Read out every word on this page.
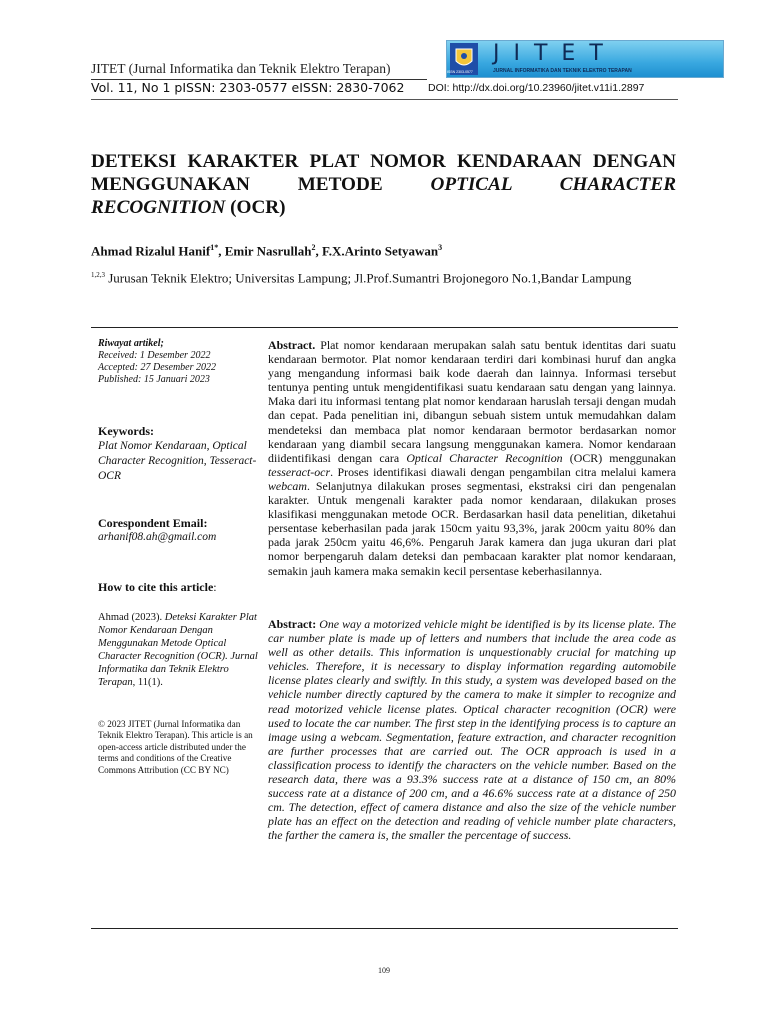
JITET (Jurnal Informatika dan Teknik Elektro Terapan)
Vol. 11, No 1 pISSN: 2303-0577 eISSN: 2830-7062 DOI: http://dx.doi.org/10.23960/jitet.v11i1.2897
ISSN 2303-0577
JITET
JURNAL INFORMATIKA DAN TEKNIK ELEKTRO TERAPAN
DETEKSI KARAKTER PLAT NOMOR KENDARAAN DENGAN MENGGUNAKAN METODE OPTICAL CHARACTER RECOGNITION (OCR)
Ahmad Rizalul Hanif$^{1*}$, Emir Nasrullah$^2$, F.X.Arinto Setyawan$^3$
$^{1,2,3}$ Jurusan Teknik Elektro; Universitas Lampung; Jl.Prof.Sumantri Brojonegoro No.1,Bandar Lampung
Riwayat artikel;
Received: 1 Desember 2022
Accepted: 27 Desember 2022
Published: 15 Januari 2023
Keywords:
Plat Nomor Kendaraan, Optical Character Recognition, Tesseract-OCR
Corespondent Email:
arhanif08.ah@gmail.com
How to cite this article:
Ahmad (2023). Deteksi Karakter Plat Nomor Kendaraan Dengan Menggunakan Metode Optical Character Recognition (OCR). Jurnal Informatika dan Teknik Elektro Terapan, 11(1).
© 2023 JITET (Jurnal Informatika dan Teknik Elektro Terapan). This article is an open-access article distributed under the terms and conditions of the Creative Commons Attribution (CC BY NC)
Abstract. Plat nomor kendaraan merupakan salah satu bentuk identitas dari suatu kendaraan bermotor. Plat nomor kendaraan terdiri dari kombinasi huruf dan angka yang mengandung informasi baik kode daerah dan lainnya. Informasi tersebut tentunya penting untuk mengidentifikasi suatu kendaraan satu dengan yang lainnya. Maka dari itu informasi tentang plat nomor kendaraan haruslah tersaji dengan mudah dan cepat. Pada penelitian ini, dibangun sebuah sistem untuk memudahkan dalam mendeteksi dan membaca plat nomor kendaraan bermotor berdasarkan nomor kendaraan yang diambil secara langsung menggunakan kamera. Nomor kendaraan diidentifikasi dengan cara Optical Character Recognition (OCR) menggunakan tesseract-ocr. Proses identifikasi diawali dengan pengambilan citra melalui kamera webcam. Selanjutnya dilakukan proses segmentasi, ekstraksi ciri dan pengenalan karakter. Untuk mengenali karakter pada nomor kendaraan, dilakukan proses klasifikasi menggunakan metode OCR. Berdasarkan hasil data penelitian, diketahui persentase keberhasilan pada jarak 150cm yaitu 93,3%, jarak 200cm yaitu 80% dan pada jarak 250cm yaitu 46,6%. Pengaruh Jarak kamera dan juga ukuran dari plat nomor berpengaruh dalam deteksi dan pembacaan karakter plat nomor kendaraan, semakin jauh kamera maka semakin kecil persentase keberhasilannya.
Abstract: One way a motorized vehicle might be identified is by its license plate. The car number plate is made up of letters and numbers that include the area code as well as other details. This information is unquestionably crucial for matching up vehicles. Therefore, it is necessary to display information regarding automobile license plates clearly and swiftly. In this study, a system was developed based on the vehicle number directly captured by the camera to make it simpler to recognize and read motorized vehicle license plates. Optical character recognition (OCR) were used to locate the car number. The first step in the identifying process is to capture an image using a webcam. Segmentation, feature extraction, and character recognition are further processes that are carried out. The OCR approach is used in a classification process to identify the characters on the vehicle number. Based on the research data, there was a 93.3% success rate at a distance of 150 cm, an 80% success rate at a distance of 200 cm, and a 46.6% success rate at a distance of 250 cm. The detection, effect of camera distance and also the size of the vehicle number plate has an effect on the detection and reading of vehicle number plate characters, the farther the camera is, the smaller the percentage of success.
109
